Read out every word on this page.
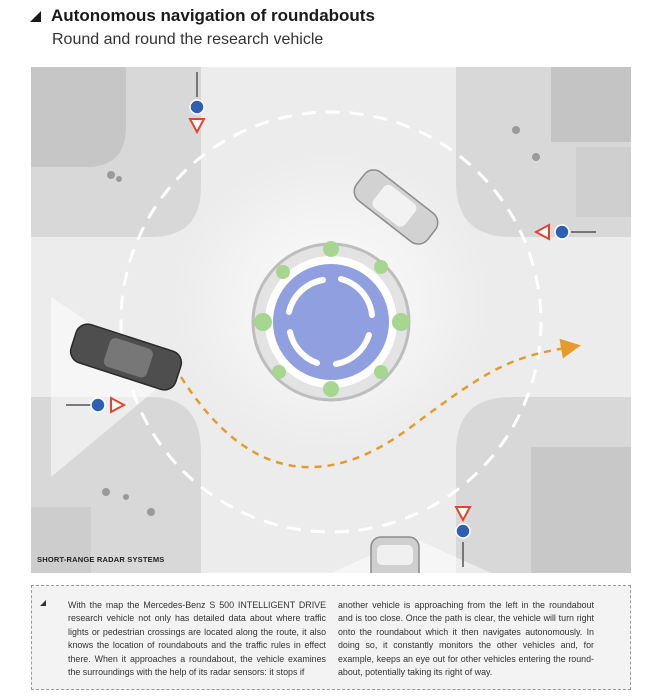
Autonomous navigation of roundabouts
Round and round the research vehicle
SHORT-RANGE RADAR SYSTEMS
With the map the Mercedes-Benz S 500 INTELLIGENT DRIVE research vehicle not only has detailed data about where traffic lights or pedestrian crossings are located along the route, it also knows the location of roundabouts and the traffic rules in effect there. When it approaches a roundabout, the vehicle examines the surroundings with the help of its radar sensors: it stops if
another vehicle is approaching from the left in the roundabout and is too close. Once the path is clear, the vehicle will turn right onto the roundabout which it then navigates autonomously. In doing so, it constantly monitors the other vehicles and, for example, keeps an eye out for other vehicles entering the round-about, potentially taking its right of way.
